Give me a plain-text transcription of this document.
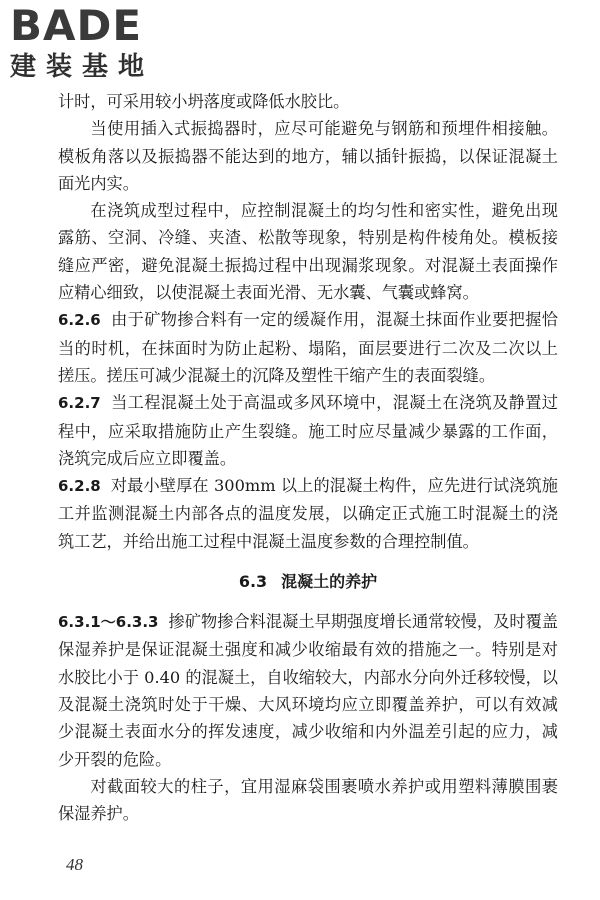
BADE
建装基地

计时，可采用较小坍落度或降低水胶比。

当使用插入式振捣器时，应尽可能避免与钢筋和预埋件相接触。模板角落以及振捣器不能达到的地方，辅以插针振捣，以保证混凝土面光内实。

在浇筑成型过程中，应控制混凝土的均匀性和密实性，避免出现露筋、空洞、冷缝、夹渣、松散等现象，特别是构件棱角处。模板接缝应严密，避免混凝土振捣过程中出现漏浆现象。对混凝土表面操作应精心细致，以使混凝土表面光滑、无水囊、气囊或蜂窝。

6.2.6 由于矿物掺合料有一定的缓凝作用，混凝土抹面作业要把握恰当的时机，在抹面时为防止起粉、塌陷，面层要进行二次及二次以上搓压。搓压可减少混凝土的沉降及塑性干缩产生的表面裂缝。

6.2.7 当工程混凝土处于高温或多风环境中，混凝土在浇筑及静置过程中，应采取措施防止产生裂缝。施工时应尽量减少暴露的工作面，浇筑完成后应立即覆盖。

6.2.8 对最小壁厚在 300mm 以上的混凝土构件，应先进行试浇筑施工并监测混凝土内部各点的温度发展，以确定正式施工时混凝土的浇筑工艺，并给出施工过程中混凝土温度参数的合理控制值。

6.3 混凝土的养护

6.3.1～6.3.3 掺矿物掺合料混凝土早期强度增长通常较慢，及时覆盖保湿养护是保证混凝土强度和减少收缩最有效的措施之一。特别是对水胶比小于 0.40 的混凝土，自收缩较大，内部水分向外迁移较慢，以及混凝土浇筑时处于干燥、大风环境均应立即覆盖养护，可以有效减少混凝土表面水分的挥发速度，减少收缩和内外温差引起的应力，减少开裂的危险。

对截面较大的柱子，宜用湿麻袋围裹喷水养护或用塑料薄膜围裹保湿养护。

48
